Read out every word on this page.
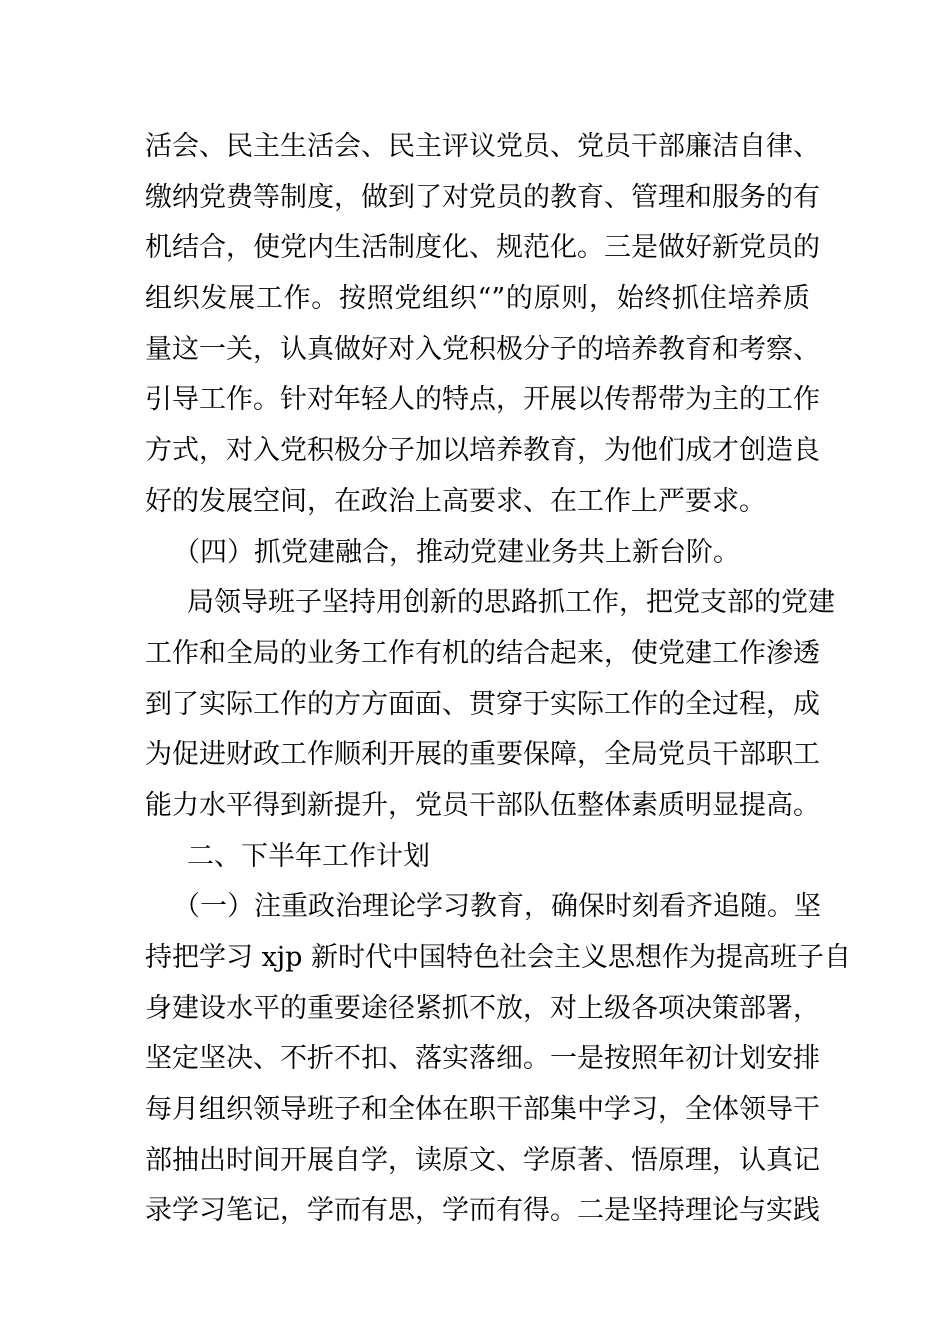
活会、民主生活会、民主评议党员、党员干部廉洁自律、
缴纳党费等制度，做到了对党员的教育、管理和服务的有
机结合，使党内生活制度化、规范化。三是做好新党员的
组织发展工作。按照党组织“”的原则，始终抓住培养质
量这一关，认真做好对入党积极分子的培养教育和考察、
引导工作。针对年轻人的特点，开展以传帮带为主的工作
方式，对入党积极分子加以培养教育，为他们成才创造良
好的发展空间，在政治上高要求、在工作上严要求。
（四）抓党建融合，推动党建业务共上新台阶。
局领导班子坚持用创新的思路抓工作，把党支部的党建
工作和全局的业务工作有机的结合起来，使党建工作渗透
到了实际工作的方方面面、贯穿于实际工作的全过程，成
为促进财政工作顺利开展的重要保障，全局党员干部职工
能力水平得到新提升，党员干部队伍整体素质明显提高。
二、下半年工作计划
（一）注重政治理论学习教育，确保时刻看齐追随。坚
持把学习 xjp 新时代中国特色社会主义思想作为提高班子自
身建设水平的重要途径紧抓不放，对上级各项决策部署，
坚定坚决、不折不扣、落实落细。一是按照年初计划安排
每月组织领导班子和全体在职干部集中学习，全体领导干
部抽出时间开展自学，读原文、学原著、悟原理，认真记
录学习笔记，学而有思，学而有得。二是坚持理论与实践
